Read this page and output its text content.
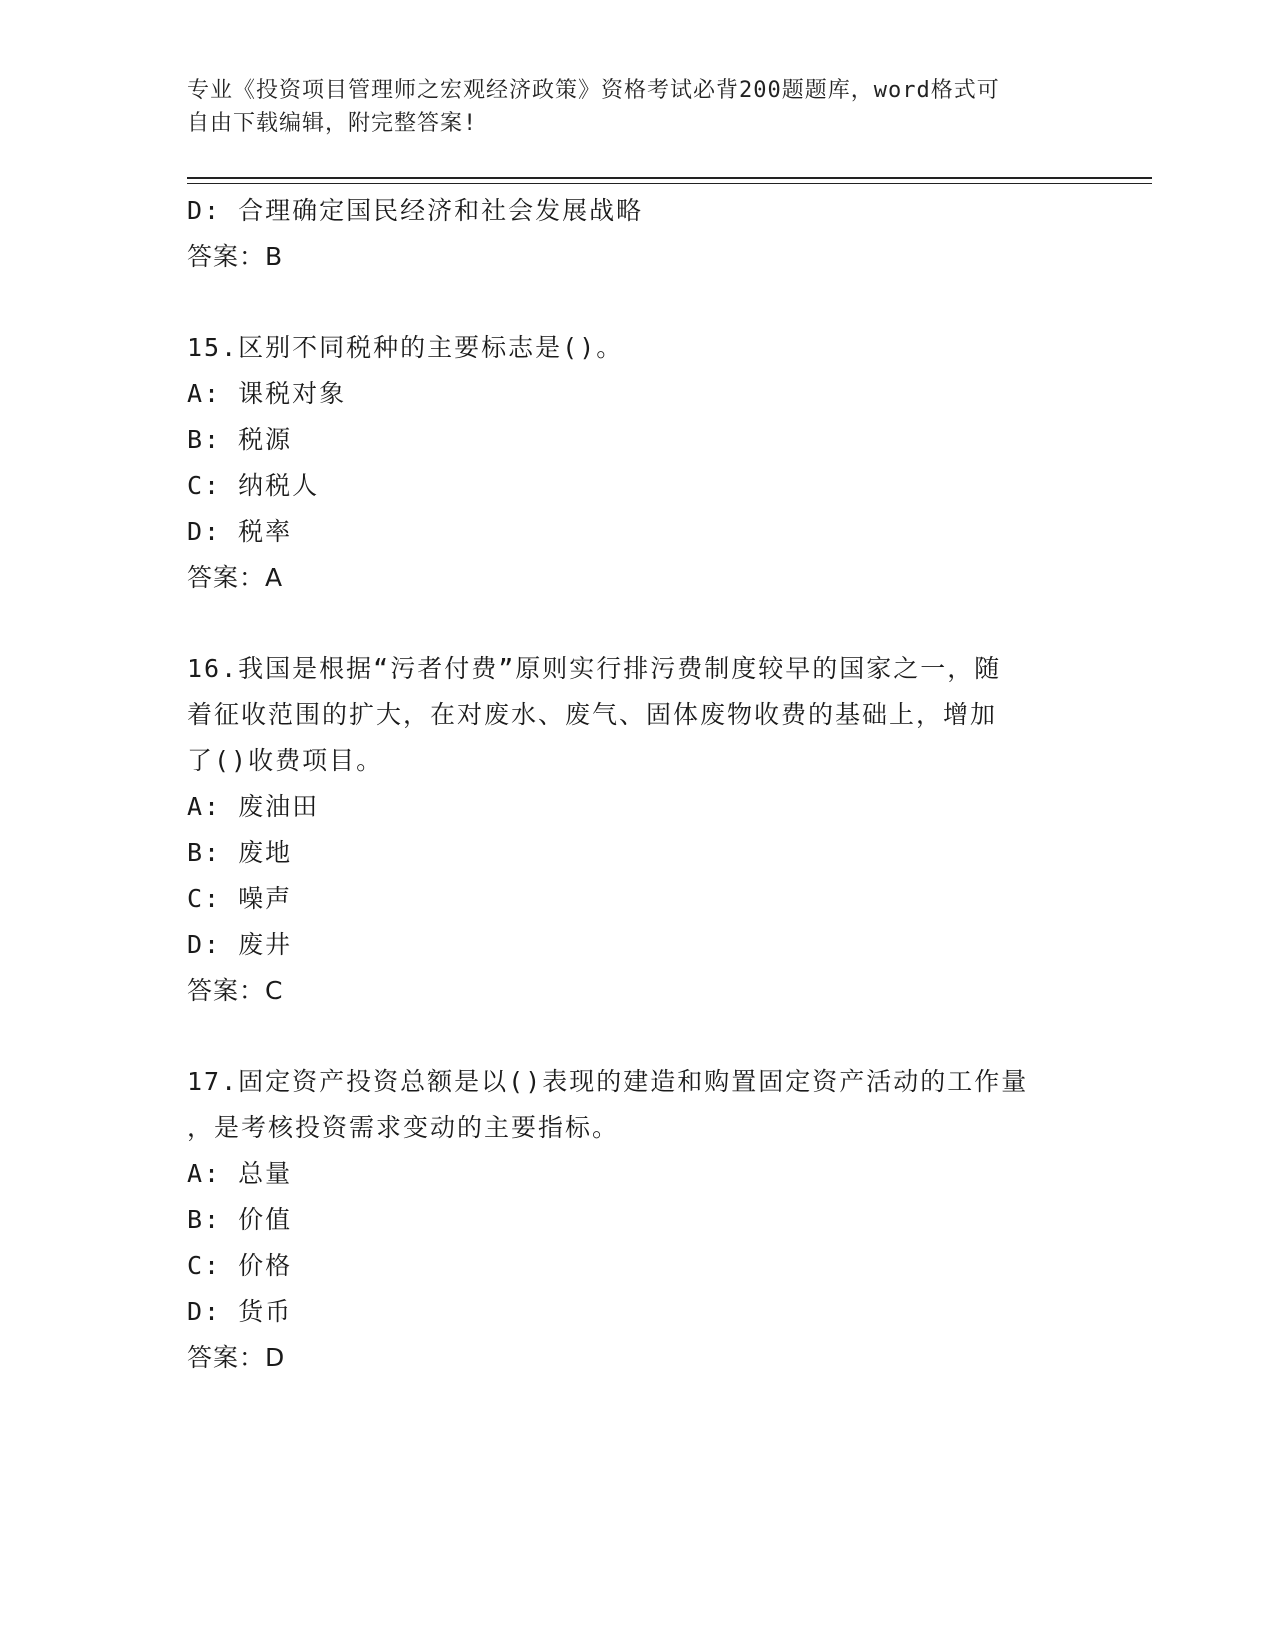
专业《投资项目管理师之宏观经济政策》资格考试必背200题题库，word格式可
自由下载编辑，附完整答案!
D: 合理确定国民经济和社会发展战略
答案：B
15.区别不同税种的主要标志是()。
A: 课税对象
B: 税源
C: 纳税人
D: 税率
答案：A
16.我国是根据“污者付费”原则实行排污费制度较早的国家之一，随
着征收范围的扩大，在对废水、废气、固体废物收费的基础上，增加
了()收费项目。
A: 废油田
B: 废地
C: 噪声
D: 废井
答案：C
17.固定资产投资总额是以()表现的建造和购置固定资产活动的工作量
，是考核投资需求变动的主要指标。
A: 总量
B: 价值
C: 价格
D: 货币
答案：D
